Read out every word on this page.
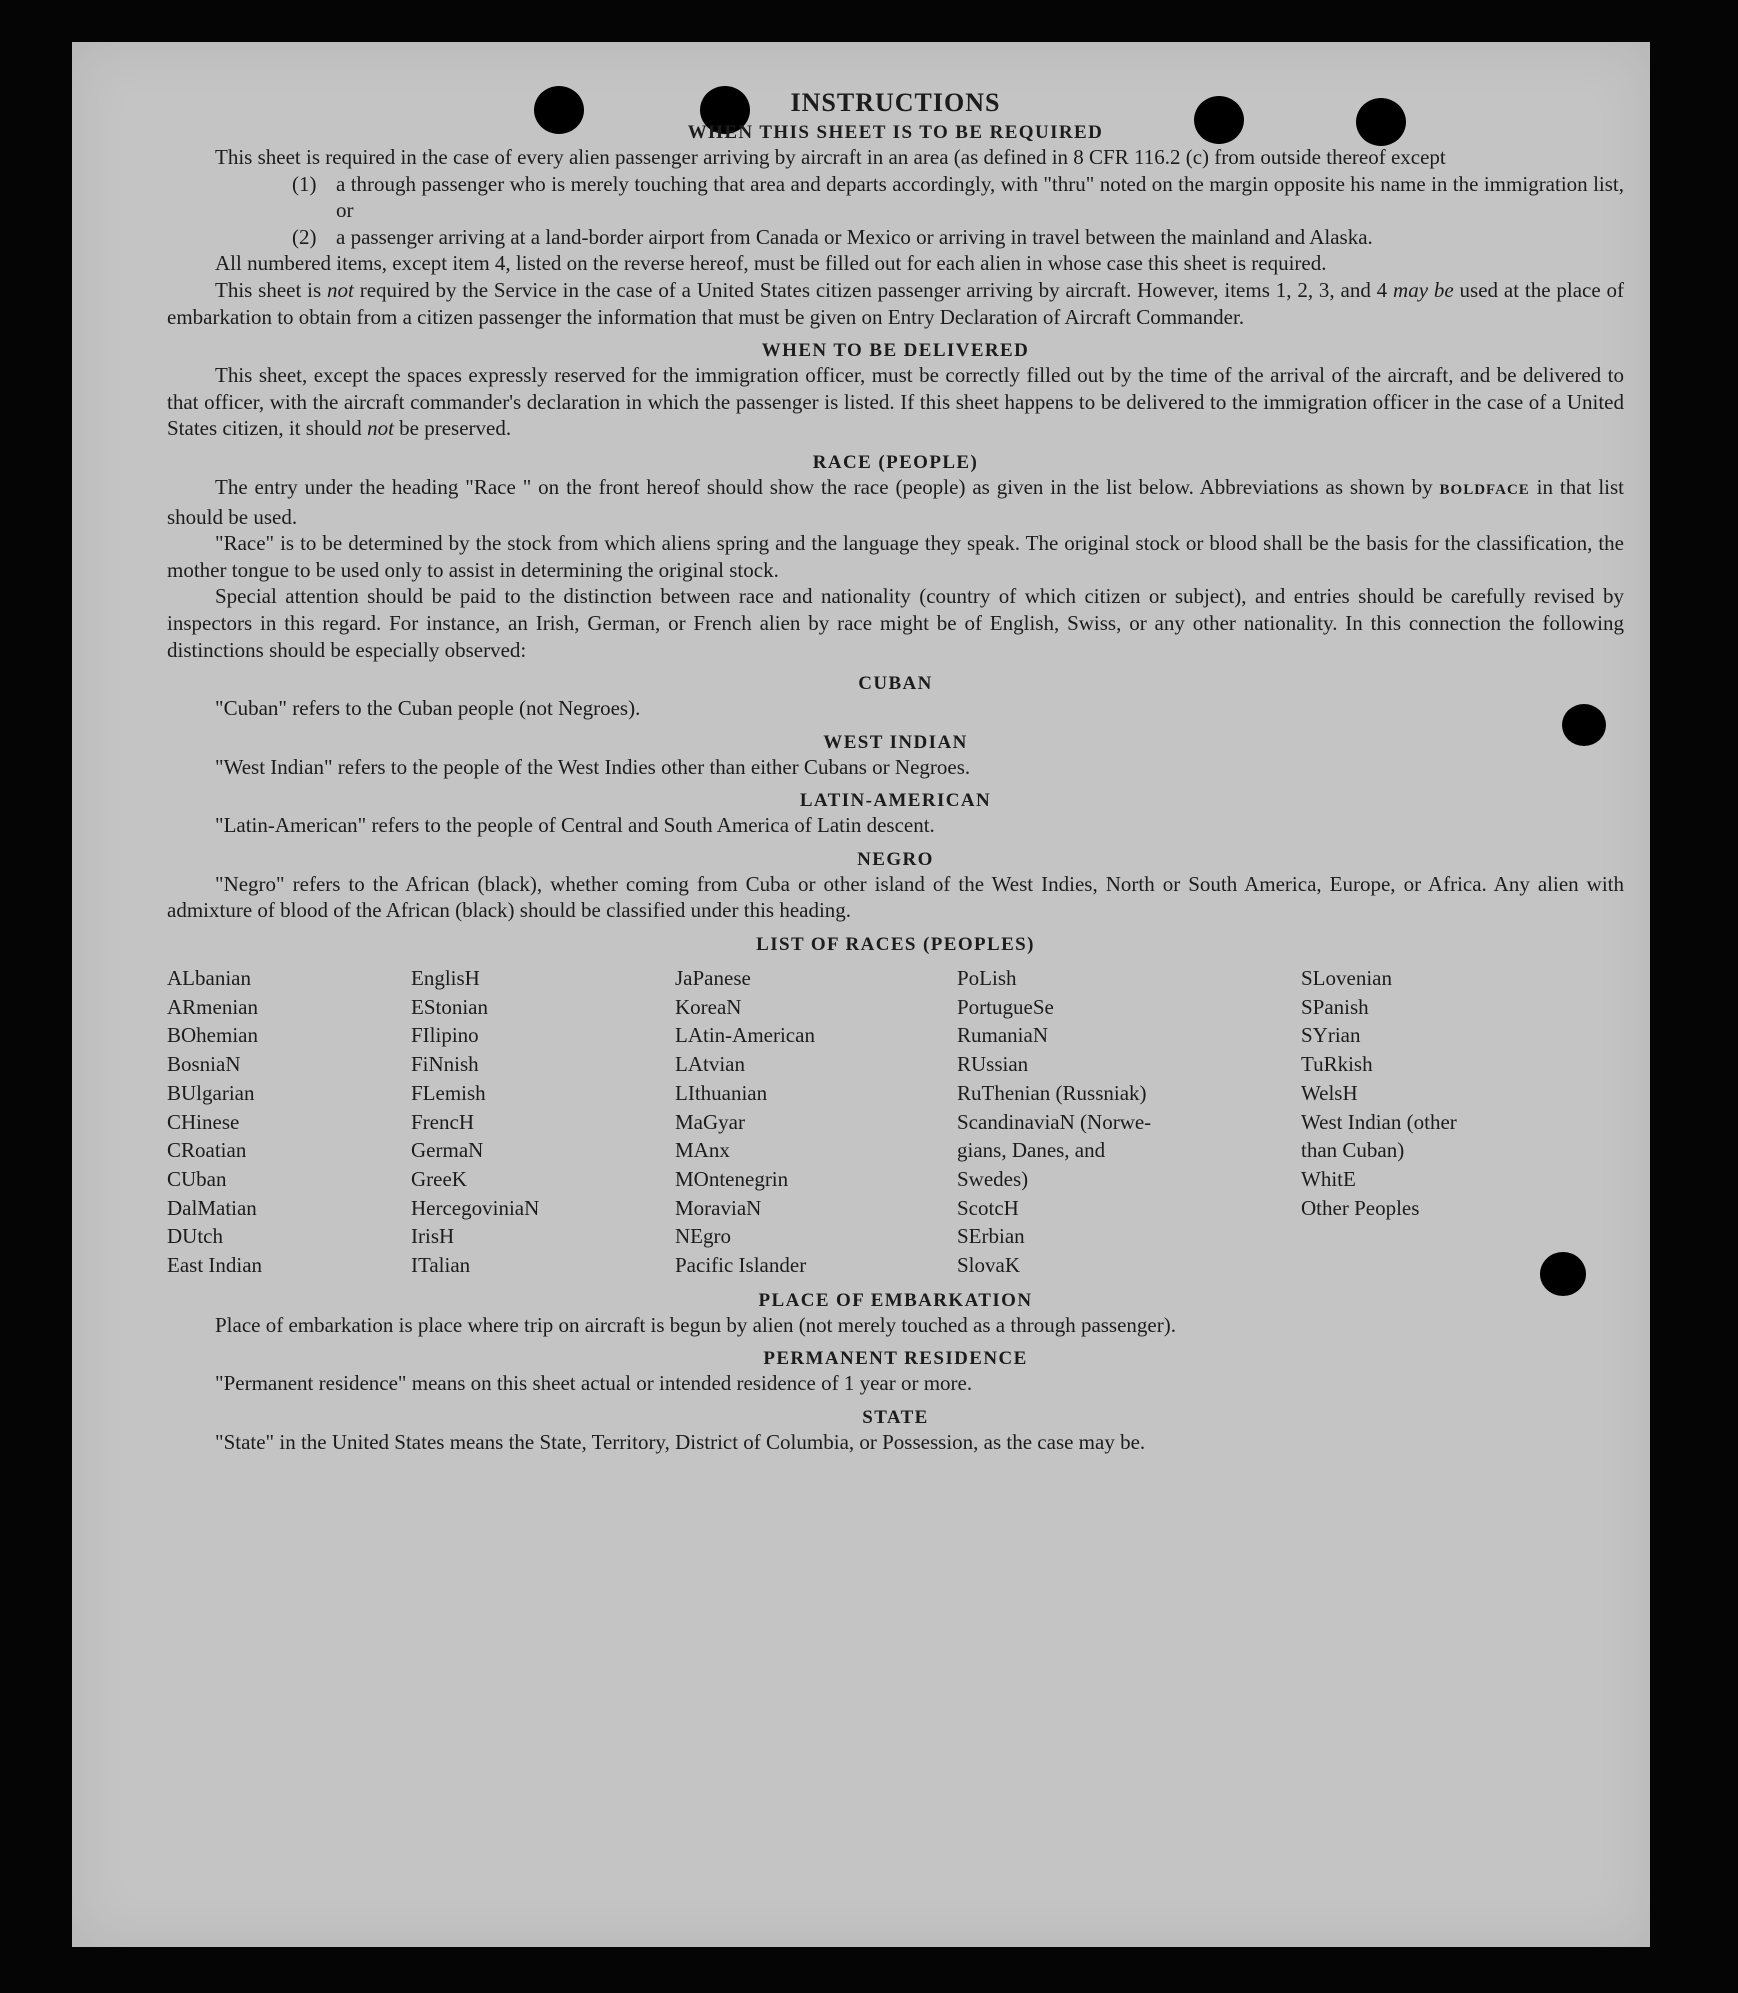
INSTRUCTIONS
WHEN THIS SHEET IS TO BE REQUIRED

This sheet is required in the case of every alien passenger arriving by aircraft in an area (as defined in 8 CFR 116.2 (c) from outside thereof except

(1) a through passenger who is merely touching that area and departs accordingly, with "thru" noted on the margin opposite his name in the immigration list, or
(2) a passenger arriving at a land-border airport from Canada or Mexico or arriving in travel between the mainland and Alaska.

All numbered items, except item 4, listed on the reverse hereof, must be filled out for each alien in whose case this sheet is required.

This sheet is not required by the Service in the case of a United States citizen passenger arriving by aircraft. However, items 1, 2, 3, and 4 may be used at the place of embarkation to obtain from a citizen passenger the information that must be given on Entry Declaration of Aircraft Commander.

WHEN TO BE DELIVERED

This sheet, except the spaces expressly reserved for the immigration officer, must be correctly filled out by the time of the arrival of the aircraft, and be delivered to that officer, with the aircraft commander's declaration in which the passenger is listed. If this sheet happens to be delivered to the immigration officer in the case of a United States citizen, it should not be preserved.

RACE (PEOPLE)

The entry under the heading "Race " on the front hereof should show the race (people) as given in the list below. Abbreviations as shown by BOLDFACE in that list should be used.

"Race" is to be determined by the stock from which aliens spring and the language they speak. The original stock or blood shall be the basis for the classification, the mother tongue to be used only to assist in determining the original stock.

Special attention should be paid to the distinction between race and nationality (country of which citizen or subject), and entries should be carefully revised by inspectors in this regard. For instance, an Irish, German, or French alien by race might be of English, Swiss, or any other nationality. In this connection the following distinctions should be especially observed:

CUBAN

"Cuban" refers to the Cuban people (not Negroes).

WEST INDIAN

"West Indian" refers to the people of the West Indies other than either Cubans or Negroes.

LATIN-AMERICAN

"Latin-American" refers to the people of Central and South America of Latin descent.

NEGRO

"Negro" refers to the African (black), whether coming from Cuba or other island of the West Indies, North or South America, Europe, or Africa. Any alien with admixture of blood of the African (black) should be classified under this heading.

LIST OF RACES (PEOPLES)
ALbanian
ARmenian
BOhemian
BosniaN
BUlgarian
CHinese
CRoatian
CUban
DalMatian
DUtch
East Indian
EnglisH
EStonian
FIlipino
FiNnish
FLemish
FrencH
GermaN
GreeK
HercegoviniaN
IrisH
ITalian
JaPanese
KoreaN
LAtin-American
LAtvian
LIthuanian
MaGyar
MAnx
MOntenegrin
MoraviaN
NEgro
Pacific Islander
PoLish
PortugueSe
RumaniaN
RUssian
RuThenian (Russniak)
ScandinaviaN (Norwe-
gians, Danes, and
Swedes)
ScotcH
SErbian
SlovaK
SLovenian
SPanish
SYrian
TuRkish
WelsH
West Indian (other
than Cuban)
WhitE
Other Peoples
PLACE OF EMBARKATION

Place of embarkation is place where trip on aircraft is begun by alien (not merely touched as a through passenger).

PERMANENT RESIDENCE

"Permanent residence" means on this sheet actual or intended residence of 1 year or more.

STATE

"State" in the United States means the State, Territory, District of Columbia, or Possession, as the case may be.
